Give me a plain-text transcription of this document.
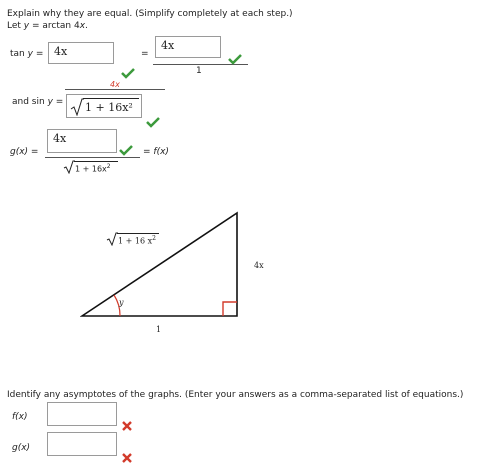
Explain why they are equal. (Simplify completely at each step.)
Let y = arctan 4x.
tan y = 4x	=
4x
1
4x
and sin y = 1 + 16x²
g(x) =
4x
= f(x)
$1 + 16x^2$
1 + 16 $x^2$
4x
1
y
Identify any asymptotes of the graphs. (Enter your answers as a comma-separated list of equations.)
f(x)
g(x)
